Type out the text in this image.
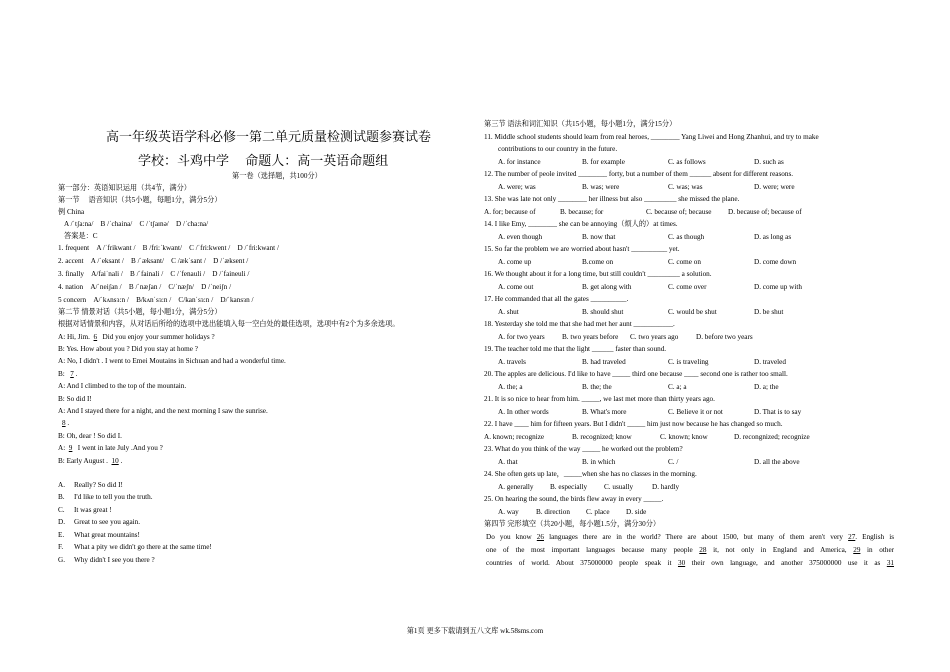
高一年级英语学科必修一第二单元质量检测试题参赛试卷
学校：斗鸡中学　 命题人：高一英语命题组
第一卷（选择题，共100分）
第一部分：英语知识运用（共4节，满分）
第一节　 语音知识（共5小题，每题1分，满分5分）
例 China
A /ˈtʃa:na/　B /ˈchaina/　C /ˈtʃaɪnə/　D /ˈcha:na/
答案是：C
1. frequent　A /ˈfrikwant /　B /fri:ˈkwant/　C /ˈfri:kwent /　D /ˈfri:kwant /
2. accent　A /ˈeksant /　B /ˈæksant/　C /ækˈsant /　D /ˈæksent /
3. finally　A/faiˈnali /　B /ˈfainali /　C /ˈfenauli /　D /ˈfaineuli /
4. nation　A/ˈneiʃan /　B /ˈnæʃan /　C/ˈnæʃn/　D /ˈneiʃn /
5 concern　A/ˈkʌnsɜ:n /　B/kʌnˈsɜ:n /　C/kanˈsɜ:n /　D/ˈkansɜn /
第二节 情景对话（共5小题，每小题1分，满分5分）
根据对话情景和内容，从对话后所给的选项中选出能填入每一空白处的最佳选项，选项中有2个为多余选项。
A: Hi, Jim. 6 Did you enjoy your summer holidays ?
B: Yes. How about you ? Did you stay at home ?
A: No, I didn't . I went to Emei Moutains in Sichuan and had a wonderful time.
B: 7 .
A: And I climbed to the top of the mountain.
B: So did I!
A: And I stayed there for a night, and the next morning I saw the sunrise.
8 .
B: Oh, dear ! So did I.
A: 9 I went in late July .And you ?
B: Early August . 10 .
A. Really? So did I!
B. I'd like to tell you the truth.
C. It was great !
D. Great to see you again.
E. What great mountains!
F. What a pity we didn't go there at the same time!
G. Why didn't I see you there ?
第三节 语法和词汇知识（共15小题，每小题1分，满分15分）
11. Middle school students should learn from real heroes, ________ Yang Liwei and Hong Zhanhui, and try to make
contributions to our country in the future.
A. for instance	B. for example	C. as follows	D. such as
12. The number of peole invited ________ forty, but a number of them ______ absent for different reasons.
A. were; was	B. was; were	C. was; was	D. were; were
13. She was late not only ________ her illness but also _________ she missed the plane.
A. for; because of	B. because; for	C. because of; because D. because of; because of
14. I like Emy, ________ she can be annoying（烦人的）at times.
A. even though	B. now that	C. as though	D. as long as
15. So far the problem we are worried about hasn't __________ yet.
A. come up	B.come on	C. come on	D. come down
16. We thought about it for a long time, but still couldn't _________ a solution.
A. come out	B. get along with	C. come over	D. come up with
17. He commanded that all the gates __________.
A. shut	B. should shut	C. would be shut	D. be shut
18. Yesterday she told me that she had met her aunt ___________.
A. for two years B. two years before C. two years ago D. before two years
19. The teacher told me that the light ______ faster than sound.
A. travels	B. had traveled	C. is traveling	D. traveled
20. The apples are delicious. I'd like to have _____ third one because ____ second one is rather too small.
A. the; a	B. the; the	C. a; a	D. a; the
21. It is so nice to hear from him. _____, we last met more than thirty years ago.
A. In other words	B. What's more	C. Believe it or not	D. That is to say
22. I have ____ him for fifteen years. But I didn't _____ him just now because he has changed so much.
A. known; recognize	B. recognized; know	C. known; know	D. recongnized; recognize
23. What do you think of the way _____ he worked out the problem?
A. that	B. in which	C. /	D. all the above
24. She often gets up late，_____when she has no classes in the morning.
A. generally B. especially C. usually	D. hardly
25. On hearing the sound, the birds flew away in every _____.
A. way B. direction C. place D. side
第四节 完形填空（共20小题，每小题1.5分，满分30分）
Do you know 26 languages there are in the world? There are about 1500, but many of them aren't very 27. English is
one of the most important languages because many people 28 it, not only in England and America, 29 in other
countries of world. About 375000000 people speak it 30 their own language, and another 375000000 use it as 31
第1页 更多下载请到五八文库 wk.58sms.com
